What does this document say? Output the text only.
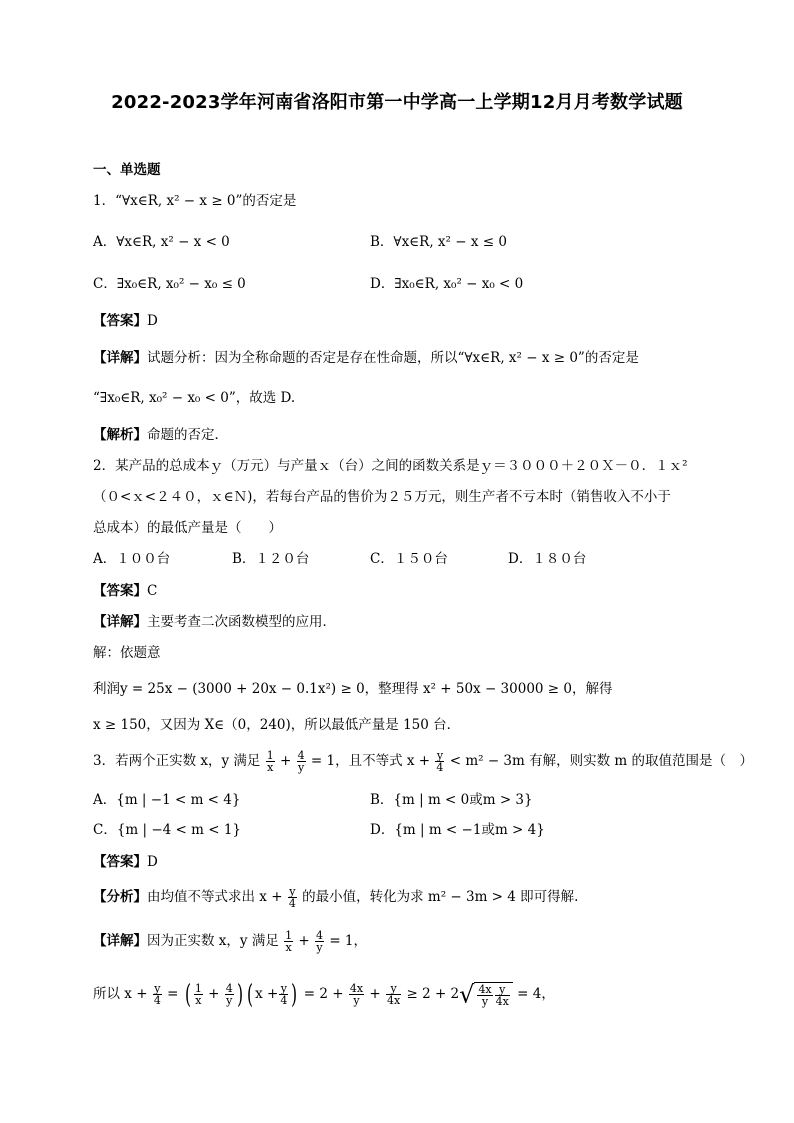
2022-2023学年河南省洛阳市第一中学高一上学期12月月考数学试题
一、单选题
1．“∀x∈R, x² − x ≥ 0”的否定是
A．∀x∈R, x² − x < 0	B．∀x∈R, x² − x ≤ 0
C．∃x₀∈R, x₀² − x₀ ≤ 0	D．∃x₀∈R, x₀² − x₀ < 0
【答案】D
【详解】试题分析：因为全称命题的否定是存在性命题，所以“∀x∈R, x² − x ≥ 0”的否定是
“∃x₀∈R, x₀² − x₀ < 0”，故选 D.
【解析】命题的否定．
2．某产品的总成本ｙ（万元）与产量ｘ（台）之间的函数关系是ｙ＝３０００＋２０Ｘ－０．１ｘ²
（０<ｘ<２４０，ｘ∈Ｎ)，若每台产品的售价为２５万元，则生产者不亏本时（销售收入不小于
总成本）的最低产量是（　　）
A．１００台	B．１２０台	C．１５０台	D．１８０台
【答案】C
【详解】主要考查二次函数模型的应用．
解：依题意
利润y = 25x − (3000 + 20x − 0.1x²) ≥ 0，整理得 x² + 50x − 30000 ≥ 0，解得
x ≥ 150，又因为 X∈（0，240)，所以最低产量是 150 台．
3．若两个正实数 x，y 满足 $\frac{1}{x} + \frac{4}{y} = 1$，且不等式 $x + \frac{y}{4} < m^2 - 3m$ 有解，则实数 m 的取值范围是（　）
A．{m | −1 < m < 4}	B．{m | m < 0或m > 3}
C．{m | −4 < m < 1}	D．{m | m < −1或m > 4}
【答案】D
【分析】由均值不等式求出 $x + \frac{y}{4}$ 的最小值，转化为求 m² − 3m > 4 即可得解.
【详解】因为正实数 x，y 满足 $\frac{1}{x} + \frac{4}{y} = 1$，
所以 $x + \frac{y}{4}$ = ( $\frac{1}{x} + \frac{4}{y}$ ) ( $x + \frac{y}{4}$ ) = $2 + \frac{4x}{y} + \frac{y}{4x} \ge 2 + 2√ \frac{4x}{y} \frac{y}{4x} = 4$，
